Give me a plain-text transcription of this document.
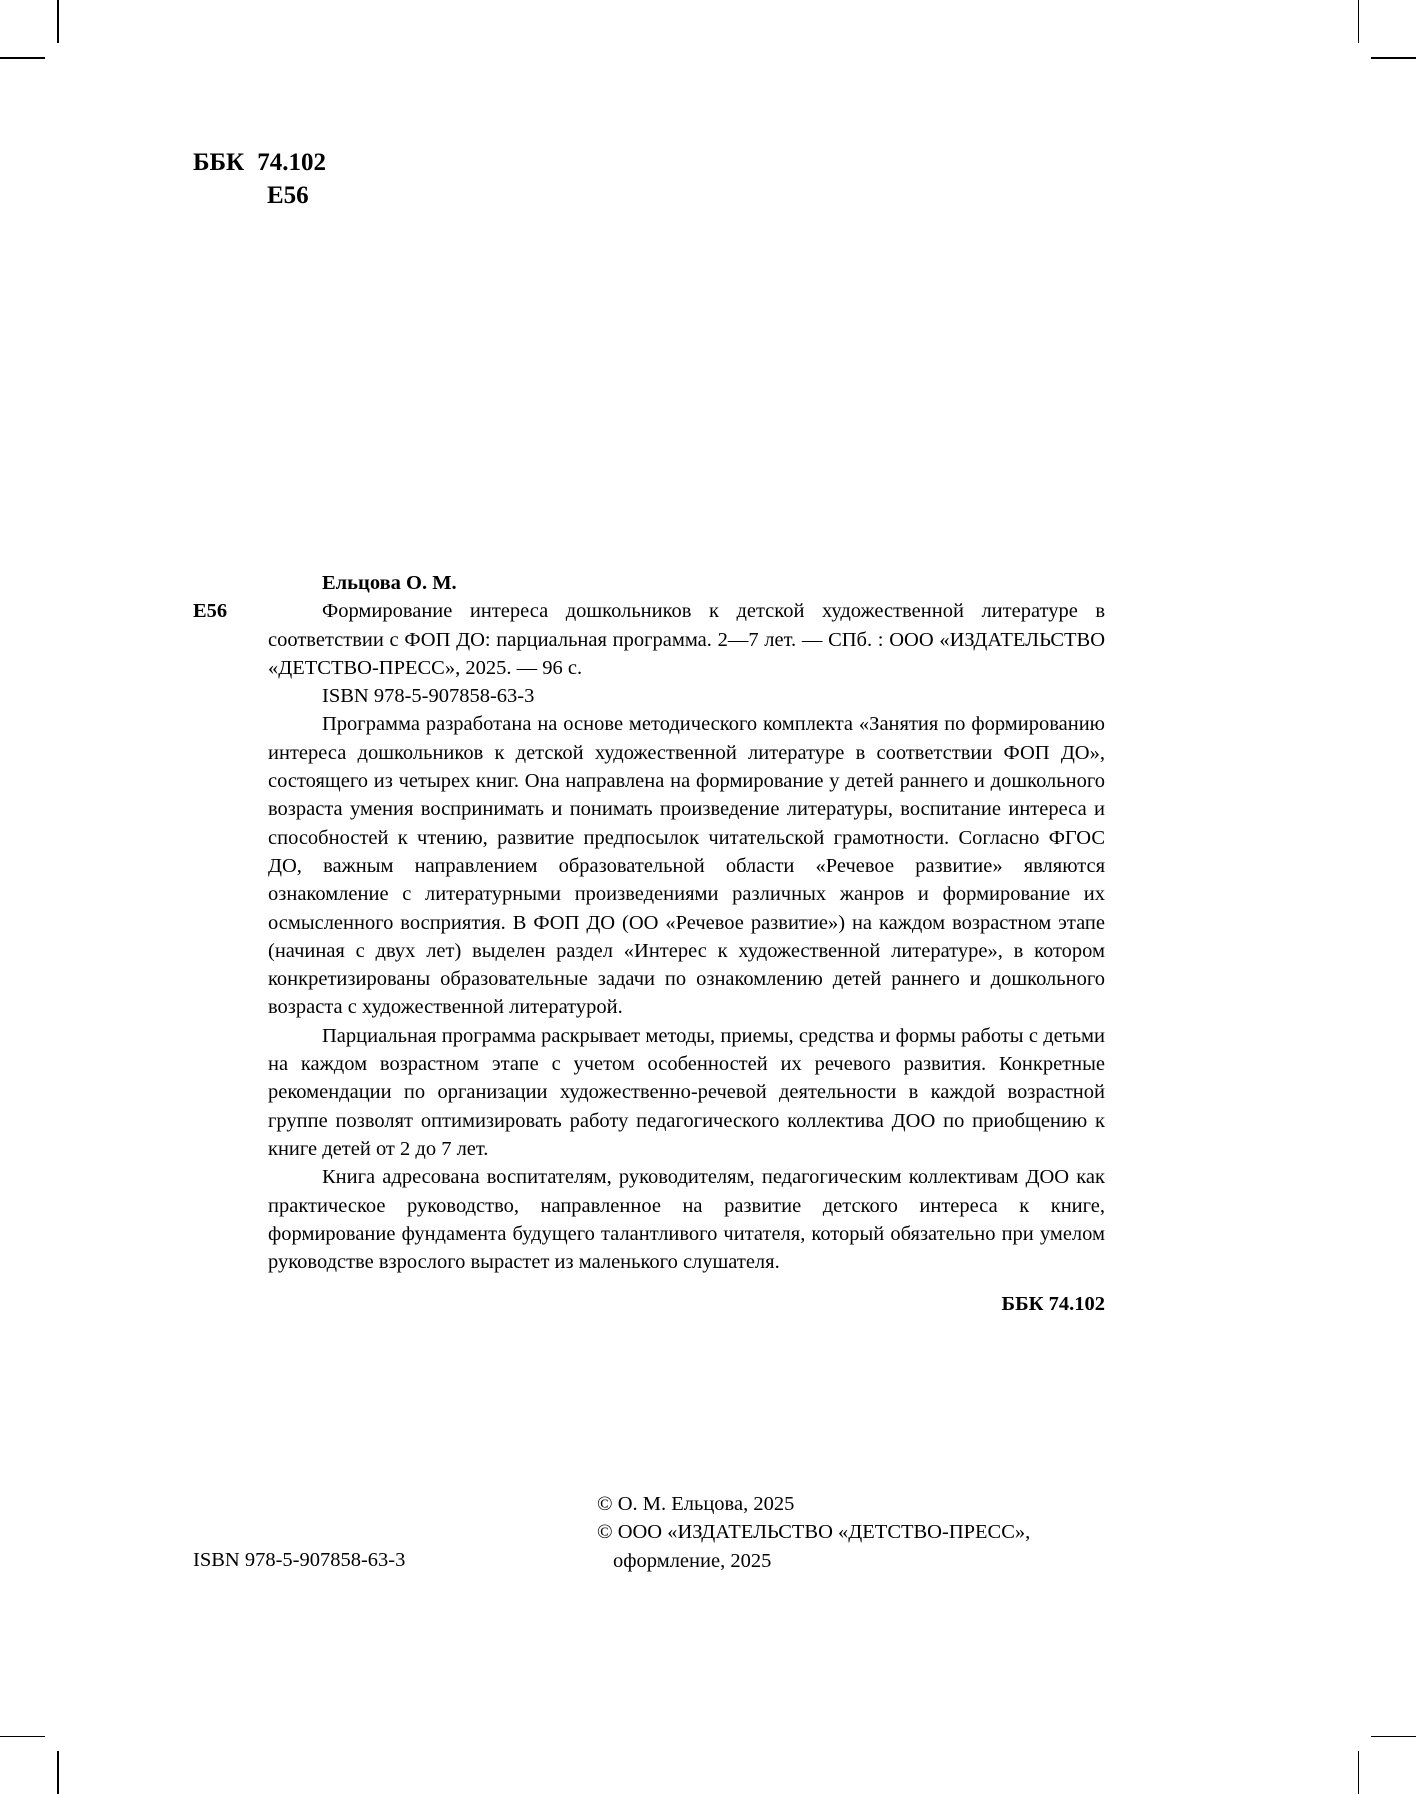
ББК 74.102
Е56

Ельцова О. М.

Е56	Формирование интереса дошкольников к детской художественной литературе в соответствии с ФОП ДО: парциальная программа. 2—7 лет. — СПб. : ООО «ИЗДАТЕЛЬСТВО «ДЕТСТВО-ПРЕСС», 2025. — 96 с.

ISBN 978-5-907858-63-3

Программа разработана на основе методического комплекта «Занятия по формированию интереса дошкольников к детской художественной литературе в соответствии ФОП ДО», состоящего из четырех книг. Она направлена на формирование у детей раннего и дошкольного возраста умения воспринимать и понимать произведение литературы, воспитание интереса и способностей к чтению, развитие предпосылок читательской грамотности. Согласно ФГОС ДО, важным направлением образовательной области «Речевое развитие» являются ознакомление с литературными произведениями различных жанров и формирование их осмысленного восприятия. В ФОП ДО (ОО «Речевое развитие») на каждом возрастном этапе (начиная с двух лет) выделен раздел «Интерес к художественной литературе», в котором конкретизированы образовательные задачи по ознакомлению детей раннего и дошкольного возраста с художественной литературой.

Парциальная программа раскрывает методы, приемы, средства и формы работы с детьми на каждом возрастном этапе с учетом особенностей их речевого развития. Конкретные рекомендации по организации художественно-речевой деятельности в каждой возрастной группе позволят оптимизировать работу педагогического коллектива ДОО по приобщению к книге детей от 2 до 7 лет.

Книга адресована воспитателям, руководителям, педагогическим коллективам ДОО как практическое руководство, направленное на развитие детского интереса к книге, формирование фундамента будущего талантливого читателя, который обязательно при умелом руководстве взрослого вырастет из маленького слушателя.

ББК 74.102

ISBN 978-5-907858-63-3
© О. М. Ельцова, 2025
© ООО «ИЗДАТЕЛЬСТВО «ДЕТСТВО-ПРЕСС»,
оформление, 2025
